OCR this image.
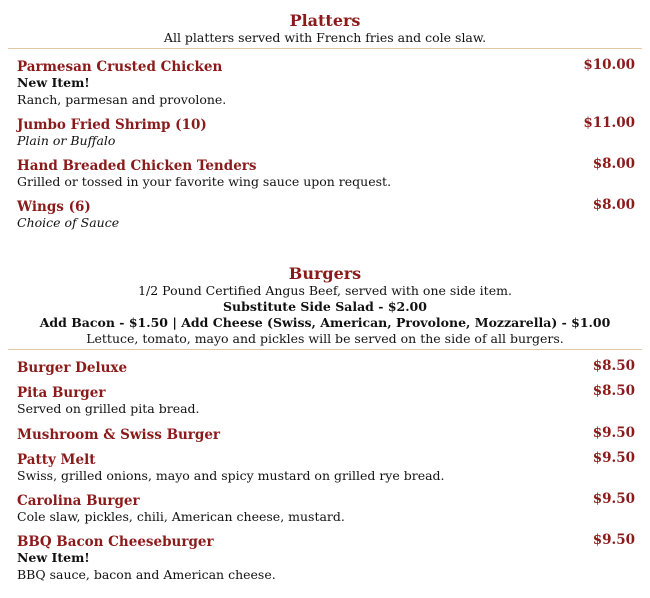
Platters
All platters served with French fries and cole slaw.
Parmesan Crusted Chicken	$10.00
New Item!
Ranch, parmesan and provolone.
Jumbo Fried Shrimp (10)	$11.00
Plain or Buffalo
Hand Breaded Chicken Tenders	$8.00
Grilled or tossed in your favorite wing sauce upon request.
Wings (6)	$8.00
Choice of Sauce
Burgers
1/2 Pound Certified Angus Beef, served with one side item.
Substitute Side Salad - $2.00
Add Bacon - $1.50 | Add Cheese (Swiss, American, Provolone, Mozzarella) - $1.00
Lettuce, tomato, mayo and pickles will be served on the side of all burgers.
Burger Deluxe	$8.50
Pita Burger	$8.50
Served on grilled pita bread.
Mushroom & Swiss Burger	$9.50
Patty Melt	$9.50
Swiss, grilled onions, mayo and spicy mustard on grilled rye bread.
Carolina Burger	$9.50
Cole slaw, pickles, chili, American cheese, mustard.
BBQ Bacon Cheeseburger	$9.50
New Item!
BBQ sauce, bacon and American cheese.
